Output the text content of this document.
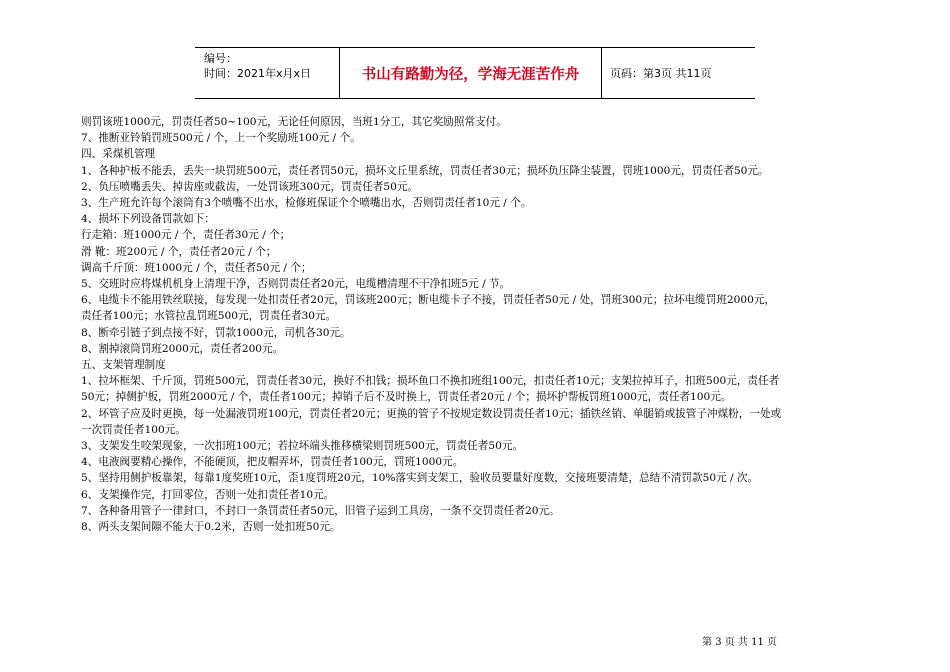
编号：
时间：2021年x月x日	书山有路勤为径，学海无涯苦作舟	页码：第3页 共11页
则罚该班1000元，罚责任者50~100元，无论任何原因，当班1分工，其它奖励照常支付。
7、推断亚铃销罚班500元 / 个，上一个奖励班100元 / 个。
四、采煤机管理
1、各种护板不能丢，丢失一块罚班500元，责任者罚50元，损坏文丘里系统，罚责任者30元；损坏负压降尘装置，罚班1000元，罚责任者50元。
2、负压喷嘴丢失、掉齿座或截齿，一处罚该班300元，罚责任者50元。
3、生产班允许每个滚筒有3个喷嘴不出水，检修班保证个个喷嘴出水，否则罚责任者10元 / 个。
4、损坏下列设备罚款如下：
行走箱：班1000元 / 个，责任者30元 / 个；
滑 靴：班200元 / 个，责任者20元 / 个；
调高千斤顶：班1000元 / 个，责任者50元 / 个；
5、交班时应将煤机机身上清理干净，否则罚责任者20元，电缆槽清理不干净扣班5元 / 节。
6、电缆卡不能用铁丝联接，每发现一处扣责任者20元，罚该班200元；断电缆卡子不接，罚责任者50元 / 处，罚班300元；拉坏电缆罚班2000元，
责任者100元；水管拉乱罚班500元，罚责任者30元。
8、断牵引链子到点接不好，罚款1000元，司机各30元。
8、割掉滚筒罚班2000元，责任者200元。
五、支架管理制度
1、拉坏框架、千斤顶，罚班500元，罚责任者30元，换好不扣钱；损坏鱼口不换扣班组100元，扣责任者10元；支架拉掉耳子，扣班500元，责任者
50元；掉侧护板，罚班2000元 / 个，责任者100元；掉销子后不及时换上，罚责任者20元 / 个；损坏护帮板罚班1000元，责任者100元。
2、坏管子应及时更换，每一处漏液罚班100元，罚责任者20元；更换的管子不按规定数设罚责任者10元；插铁丝销、单腿销或拔管子冲煤粉，一处或
一次罚责任者100元。
3、支架发生咬架现象，一次扣班100元；若拉坏端头推移横梁则罚班500元，罚责任者50元。
4、电液阀要精心操作，不能硬顶，把皮帽弄坏，罚责任者100元，罚班1000元。
5、坚持用侧护板靠架，每靠1度奖班10元，歪1度罚班20元，10%落实到支架工，验收员要量好度数，交接班要清楚，总结不清罚款50元 / 次。
6、支架操作完，打回零位，否则一处扣责任者10元。
7、各种备用管子一律封口，不封口一条罚责任者50元，旧管子运到工具房，一条不交罚责任者20元。
8、两头支架间隙不能大于0.2米，否则一处扣班50元。
第 3 页 共 11 页
